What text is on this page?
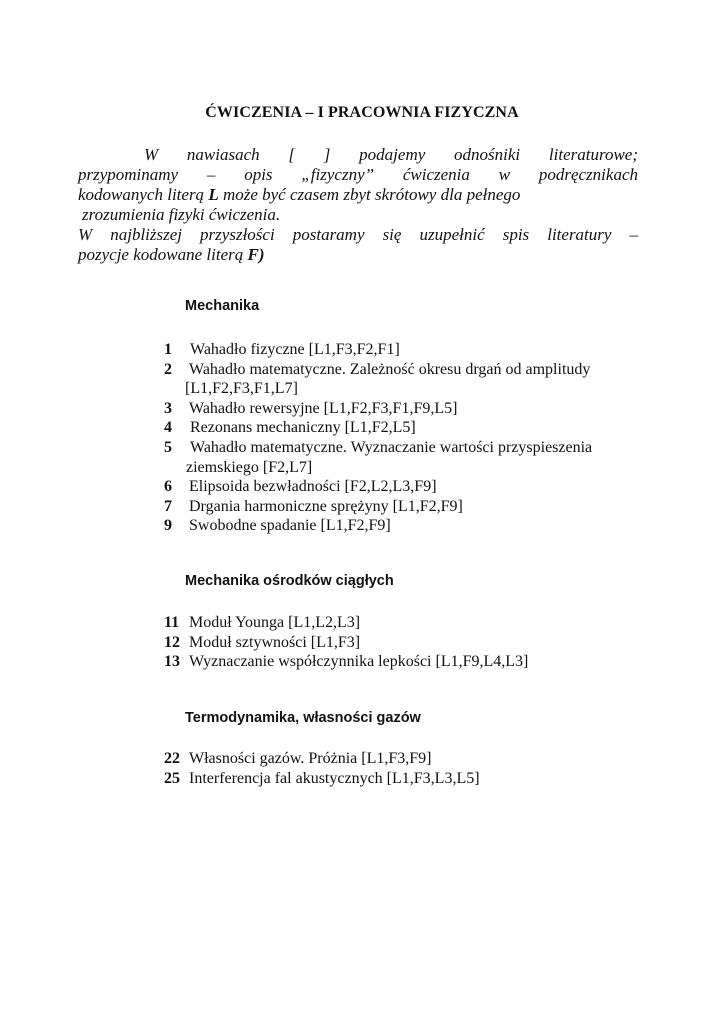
ĆWICZENIA – I PRACOWNIA FIZYCZNA
W nawiasach [ ] podajemy odnośniki literaturowe;
przypominamy – opis „fizyczny” ćwiczenia w podręcznikach
kodowanych literą L może być czasem zbyt skrótowy dla pełnego
zrozumienia fizyki ćwiczenia.
W najbliższej przyszłości postaramy się uzupełnić spis literatury –
pozycje kodowane literą F)
Mechanika
1 Wahadło fizyczne [L1,F3,F2,F1]
2 Wahadło matematyczne. Zależność okresu drgań od amplitudy
[L1,F2,F3,F1,L7]
3 Wahadło rewersyjne [L1,F2,F3,F1,F9,L5]
4 Rezonans mechaniczny [L1,F2,L5]
5 Wahadło matematyczne. Wyznaczanie wartości przyspieszenia
ziemskiego [F2,L7]
6 Elipsoida bezwładności [F2,L2,L3,F9]
7 Drgania harmoniczne sprężyny [L1,F2,F9]
9 Swobodne spadanie [L1,F2,F9]
Mechanika ośrodków ciągłych
11 Moduł Younga [L1,L2,L3]
12 Moduł sztywności [L1,F3]
13 Wyznaczanie współczynnika lepkości [L1,F9,L4,L3]
Termodynamika, własności gazów
22 Własności gazów. Próżnia [L1,F3,F9]
25 Interferencja fal akustycznych [L1,F3,L3,L5]
